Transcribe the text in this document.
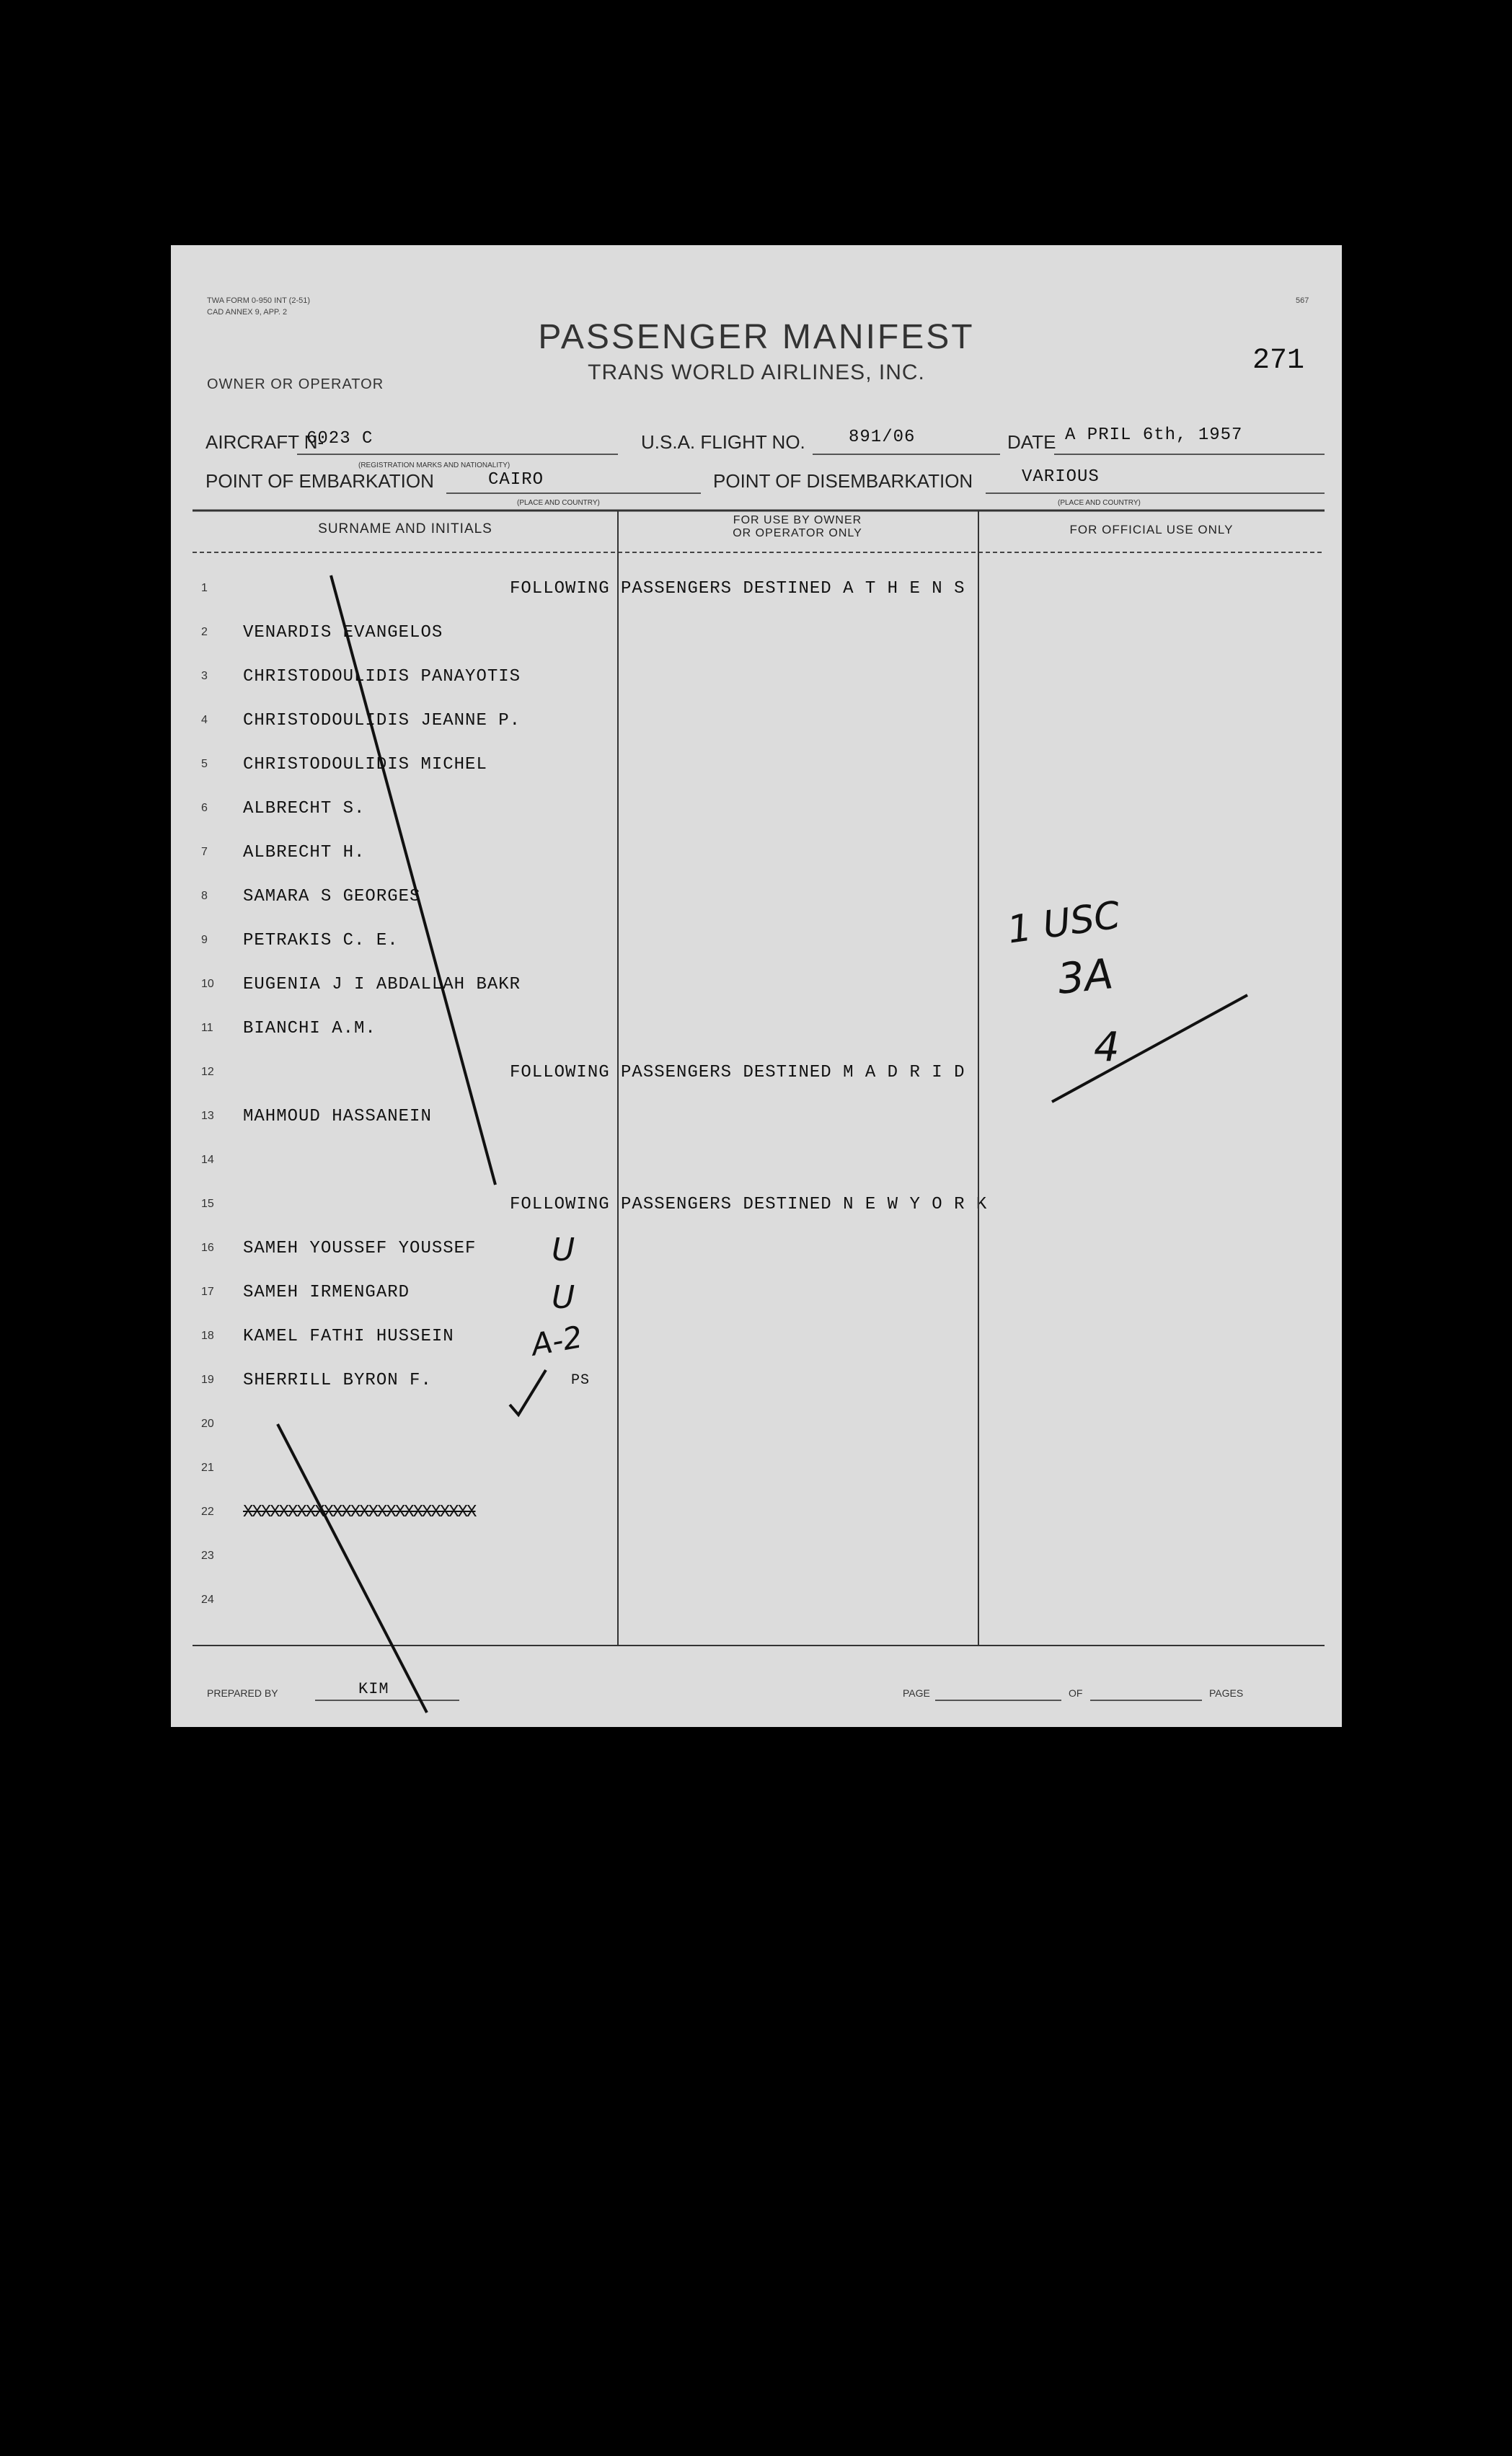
TWA FORM 0-950 INT (2-51)
CAD ANNEX 9, APP. 2
567
PASSENGER MANIFEST
TRANS WORLD AIRLINES, INC.
OWNER OR OPERATOR
271
AIRCRAFT N-
6023 C
(REGISTRATION MARKS AND NATIONALITY)
U.S.A. FLIGHT NO.	891/06	DATE A PRIL 6th, 1957
POINT OF EMBARKATION	CAIRO
(PLACE AND COUNTRY)
POINT OF DISEMBARKATION	VARIOUS
(PLACE AND COUNTRY)
SURNAME AND INITIALS
FOR USE BY OWNER
OR OPERATOR ONLY	FOR OFFICIAL USE ONLY
1	FOLLOWING PASSENGERS DESTINED A T H E N S
2 VENARDIS EVANGELOS
3 CHRISTODOULIDIS PANAYOTIS
4 CHRISTODOULIDIS JEANNE P.
5 CHRISTODOULIDIS MICHEL
6 ALBRECHT S.
7 ALBRECHT H.
8 SAMARA S GEORGES
9 PETRAKIS C. E.
10 EUGENIA J I ABDALLAH BAKR
11 BIANCHI A.M.
12	FOLLOWING PASSENGERS DESTINED M A D R I D
13 MAHMOUD HASSANEIN
14
15	FOLLOWING PASSENGERS DESTINED N E W Y O R K
16 SAMEH YOUSSEF YOUSSEF
17 SAMEH IRMENGARD
18 KAMEL FATHI HUSSEIN
19 SHERRILL BYRON F.	PS
20
21
22 XXXXXXXXXXXXXXXXXXXXXXXXXX
23
24
1 USC
3A
4
U
U
A-2
PREPARED BY	KIM	PAGE	OF	PAGES
